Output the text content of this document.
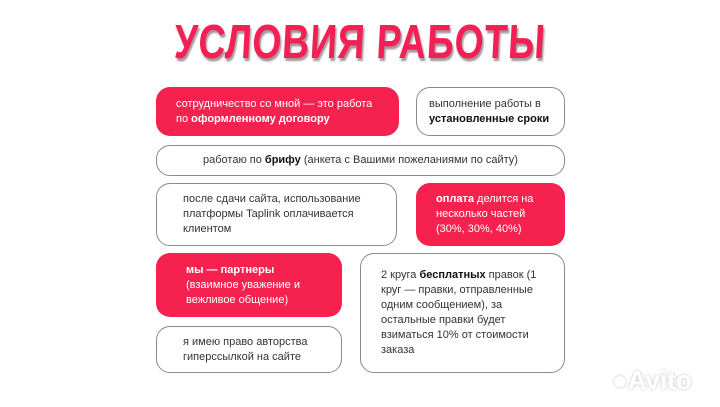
УСЛОВИЯ РАБОТЫ
сотрудничество со мной — это работа по оформленному договору
выполнение работы в установленные сроки
работаю по брифу (анкета с Вашими пожеланиями по сайту)
после сдачи сайта, использование платформы Taplink оплачивается клиентом
оплата делится на несколько частей (30%, 30%, 40%)
мы — партнеры (взаимное уважение и вежливое общение)
я имею право авторства гиперссылкой на сайте
2 круга бесплатных правок (1 круг — правки, отправленные одним сообщением), за остальные правки будет взиматься 10% от стоимости заказа
●Avito
